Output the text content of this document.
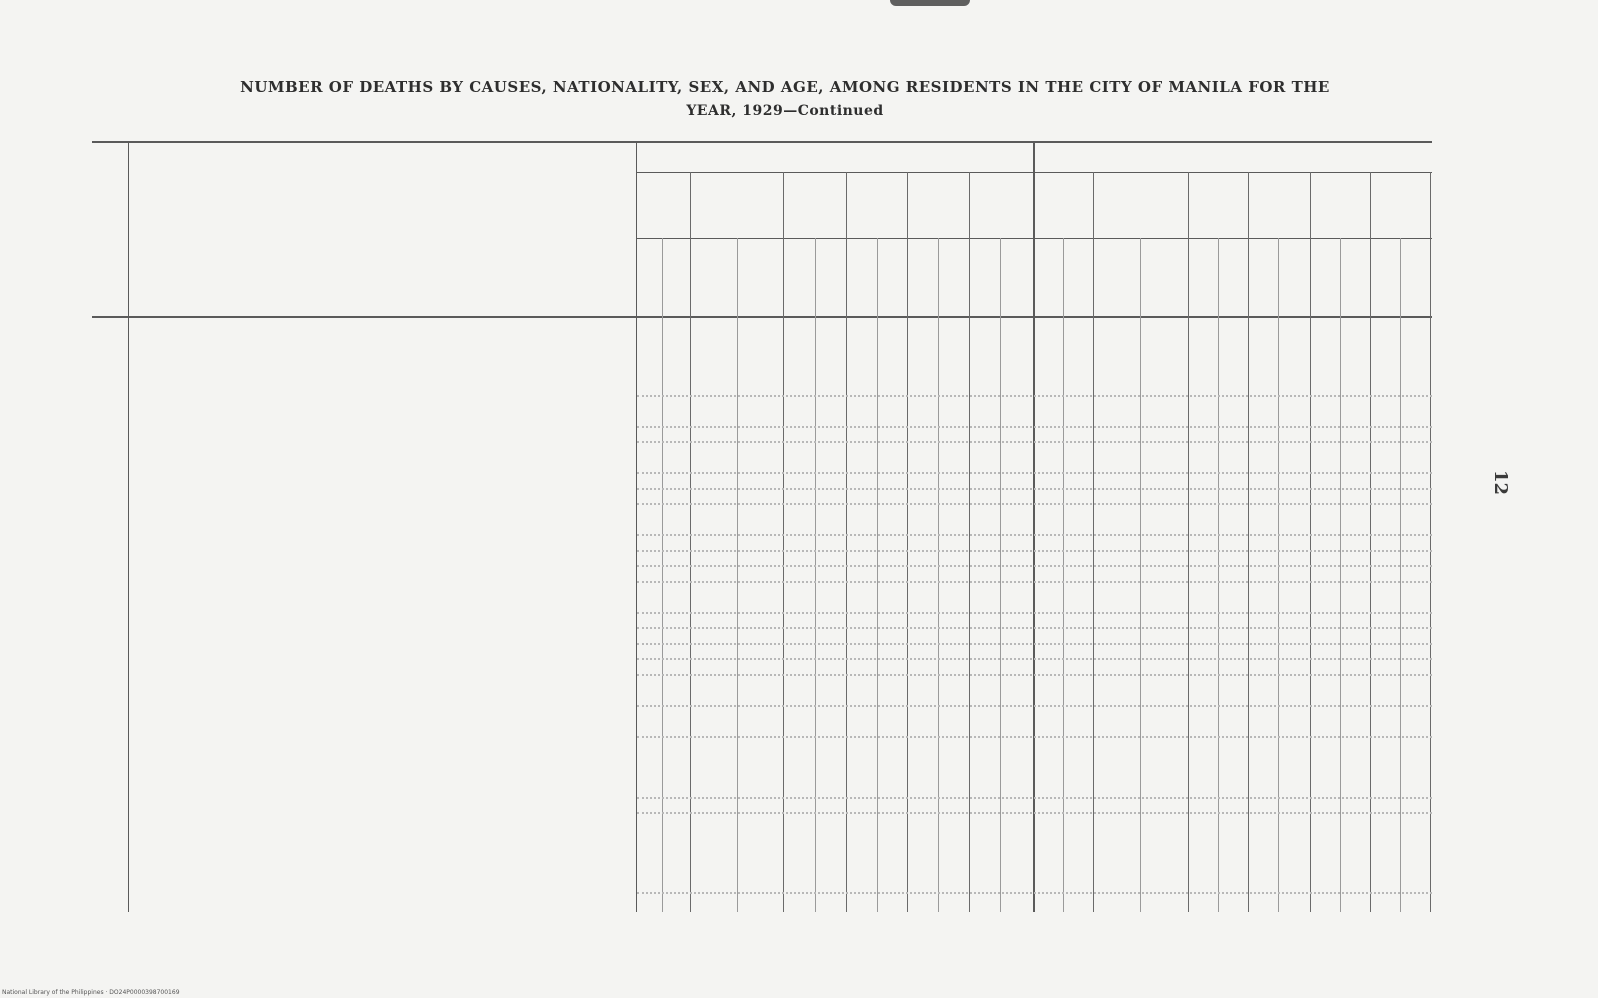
NUMBER OF DEATHS BY CAUSES, NATIONALITY, SEX, AND AGE, AMONG RESIDENTS IN THE CITY OF MANILA FOR THE
YEAR, 1929—Continued
12
National Library of the Philippines · DO24P0000398700169
